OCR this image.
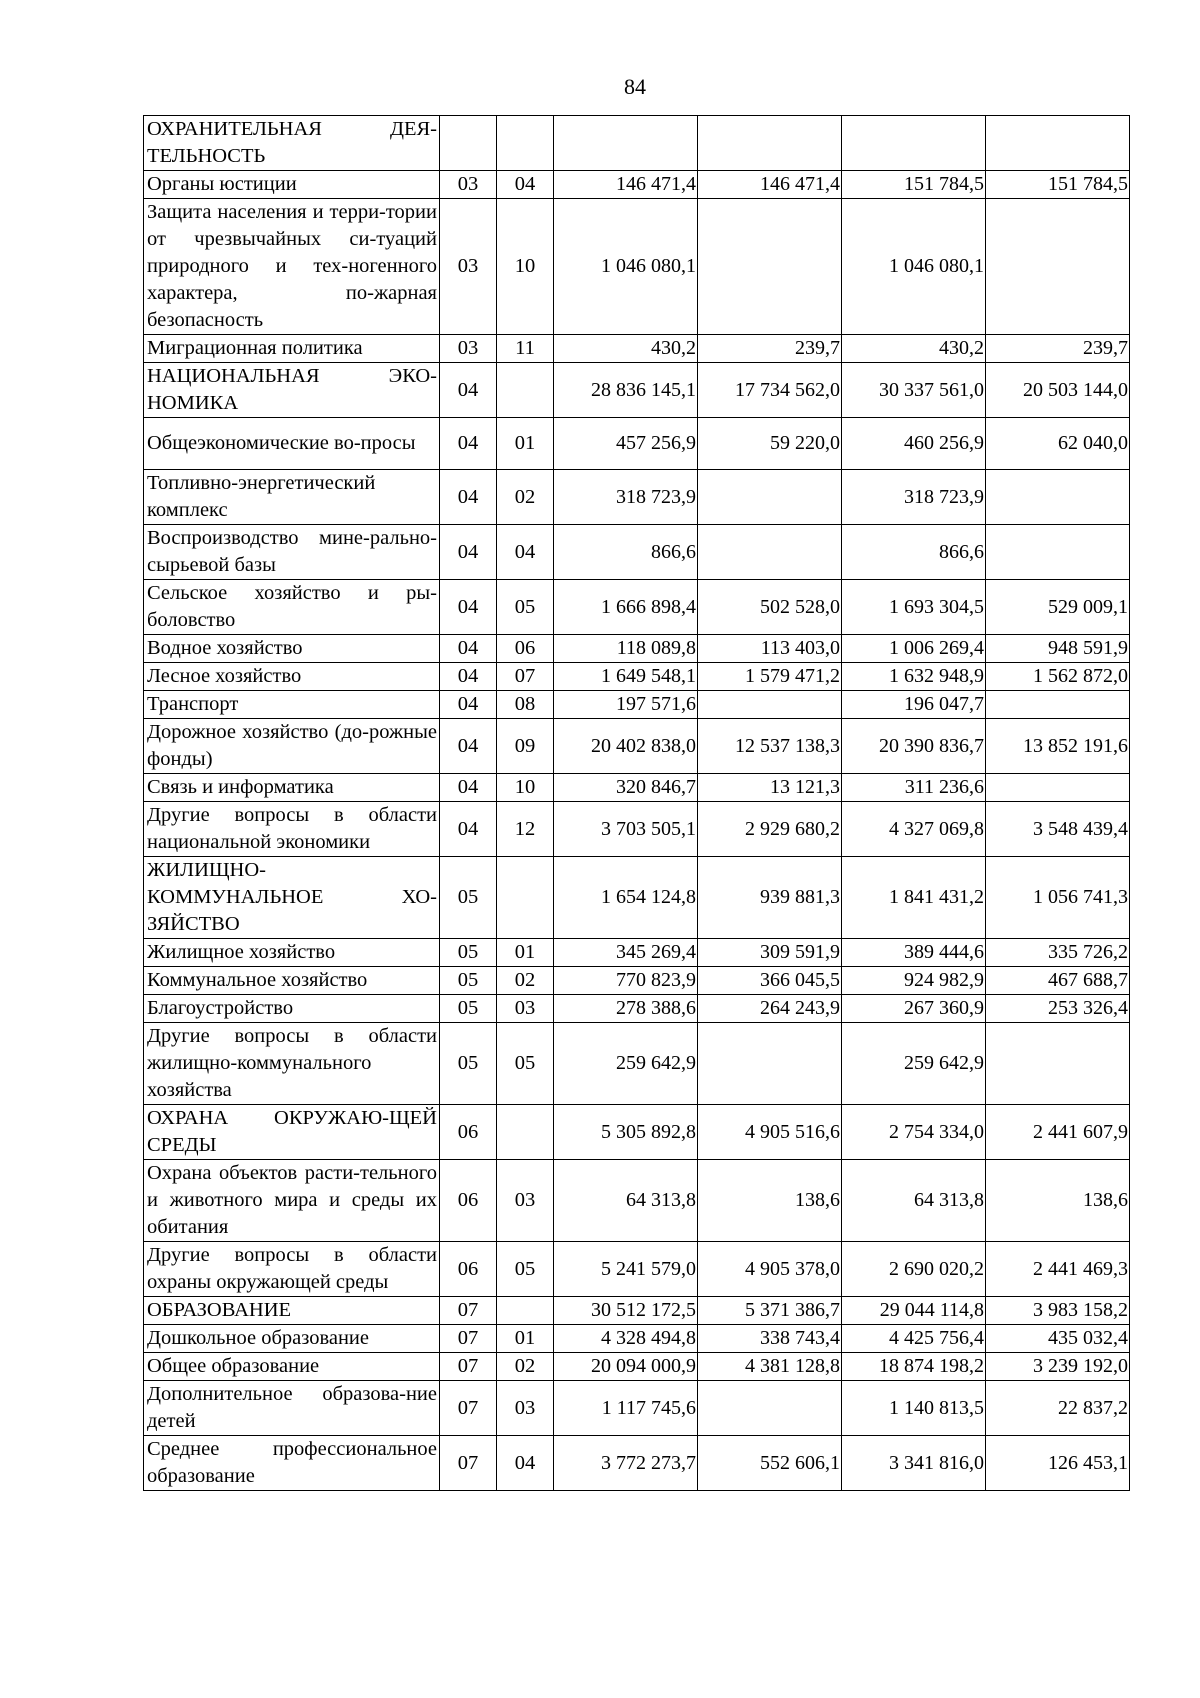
84
ОХРАНИТЕЛЬНАЯ ДЕЯ-ТЕЛЬНОСТЬ						
Органы юстиции	03	04	146 471,4	146 471,4	151 784,5	151 784,5
Защита населения и терри-тории от чрезвычайных си-туаций природного и тех-ногенного характера, по-жарная безопасность	03	10	1 046 080,1		1 046 080,1	
Миграционная политика	03	11	430,2	239,7	430,2	239,7
НАЦИОНАЛЬНАЯ ЭКО-НОМИКА	04		28 836 145,1	17 734 562,0	30 337 561,0	20 503 144,0
Общеэкономические во-просы	04	01	457 256,9	59 220,0	460 256,9	62 040,0
Топливно-энергетический комплекс	04	02	318 723,9		318 723,9	
Воспроизводство мине-рально-сырьевой базы	04	04	866,6		866,6	
Сельское хозяйство и ры-боловство	04	05	1 666 898,4	502 528,0	1 693 304,5	529 009,1
Водное хозяйство	04	06	118 089,8	113 403,0	1 006 269,4	948 591,9
Лесное хозяйство	04	07	1 649 548,1	1 579 471,2	1 632 948,9	1 562 872,0
Транспорт	04	08	197 571,6		196 047,7	
Дорожное хозяйство (до-рожные фонды)	04	09	20 402 838,0	12 537 138,3	20 390 836,7	13 852 191,6
Связь и информатика	04	10	320 846,7	13 121,3	311 236,6	
Другие вопросы в области национальной экономики	04	12	3 703 505,1	2 929 680,2	4 327 069,8	3 548 439,4
ЖИЛИЩНО-КОММУНАЛЬНОЕ ХО-ЗЯЙСТВО	05		1 654 124,8	939 881,3	1 841 431,2	1 056 741,3
Жилищное хозяйство	05	01	345 269,4	309 591,9	389 444,6	335 726,2
Коммунальное хозяйство	05	02	770 823,9	366 045,5	924 982,9	467 688,7
Благоустройство	05	03	278 388,6	264 243,9	267 360,9	253 326,4
Другие вопросы в области жилищно-коммунального хозяйства	05	05	259 642,9		259 642,9	
ОХРАНА ОКРУЖАЮ-ЩЕЙ СРЕДЫ	06		5 305 892,8	4 905 516,6	2 754 334,0	2 441 607,9
Охрана объектов расти-тельного и животного мира и среды их обитания	06	03	64 313,8	138,6	64 313,8	138,6
Другие вопросы в области охраны окружающей среды	06	05	5 241 579,0	4 905 378,0	2 690 020,2	2 441 469,3
ОБРАЗОВАНИЕ	07		30 512 172,5	5 371 386,7	29 044 114,8	3 983 158,2
Дошкольное образование	07	01	4 328 494,8	338 743,4	4 425 756,4	435 032,4
Общее образование	07	02	20 094 000,9	4 381 128,8	18 874 198,2	3 239 192,0
Дополнительное образова-ние детей	07	03	1 117 745,6		1 140 813,5	22 837,2
Среднее профессиональное образование	07	04	3 772 273,7	552 606,1	3 341 816,0	126 453,1
